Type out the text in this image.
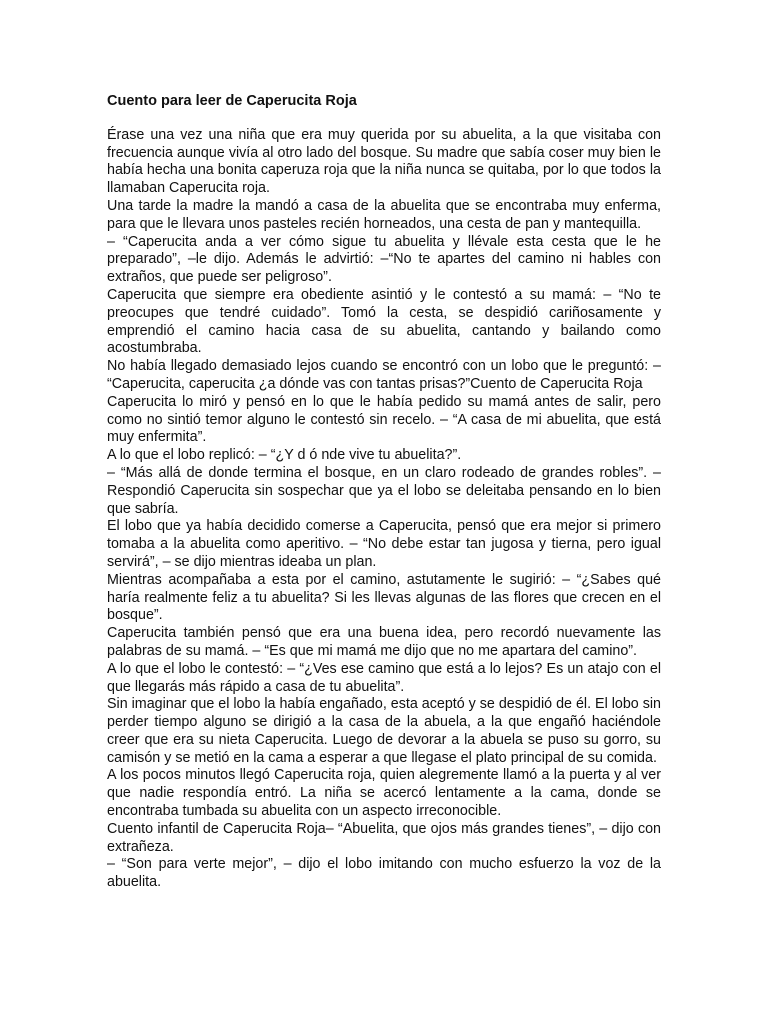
Cuento para leer de Caperucita Roja

Érase una vez una niña que era muy querida por su abuelita, a la que visitaba con frecuencia aunque vivía al otro lado del bosque. Su madre que sabía coser muy bien le había hecha una bonita caperuza roja que la niña nunca se quitaba, por lo que todos la llamaban Caperucita roja.

Una tarde la madre la mandó a casa de la abuelita que se encontraba muy enferma, para que le llevara unos pasteles recién horneados, una cesta de pan y mantequilla.

– “Caperucita anda a ver cómo sigue tu abuelita y llévale esta cesta que le he preparado”, –le dijo. Además le advirtió: –“No te apartes del camino ni hables con extraños, que puede ser peligroso”.

Caperucita que siempre era obediente asintió y le contestó a su mamá: – “No te preocupes que tendré cuidado”. Tomó la cesta, se despidió cariñosamente y emprendió el camino hacia casa de su abuelita, cantando y bailando como acostumbraba.

No había llegado demasiado lejos cuando se encontró con un lobo que le preguntó: – “Caperucita, caperucita ¿a dónde vas con tantas prisas?”Cuento de Caperucita Roja

Caperucita lo miró y pensó en lo que le había pedido su mamá antes de salir, pero como no sintió temor alguno le contestó sin recelo. – “A casa de mi abuelita, que está muy enfermita”.

A lo que el lobo replicó: – “¿Y d ó nde vive tu abuelita?”.

– “Más allá de donde termina el bosque, en un claro rodeado de grandes robles”. – Respondió Caperucita sin sospechar que ya el lobo se deleitaba pensando en lo bien que sabría.

El lobo que ya había decidido comerse a Caperucita, pensó que era mejor si primero tomaba a la abuelita como aperitivo. – “No debe estar tan jugosa y tierna, pero igual servirá”, – se dijo mientras ideaba un plan.

Mientras acompañaba a esta por el camino, astutamente le sugirió: – “¿Sabes qué haría realmente feliz a tu abuelita? Si les llevas algunas de las flores que crecen en el bosque”.

Caperucita también pensó que era una buena idea, pero recordó nuevamente las palabras de su mamá. – “Es que mi mamá me dijo que no me apartara del camino”.

A lo que el lobo le contestó: – “¿Ves ese camino que está a lo lejos? Es un atajo con el que llegarás más rápido a casa de tu abuelita”.

Sin imaginar que el lobo la había engañado, esta aceptó y se despidió de él. El lobo sin perder tiempo alguno se dirigió a la casa de la abuela, a la que engañó haciéndole creer que era su nieta Caperucita. Luego de devorar a la abuela se puso su gorro, su camisón y se metió en la cama a esperar a que llegase el plato principal de su comida.

A los pocos minutos llegó Caperucita roja, quien alegremente llamó a la puerta y al ver que nadie respondía entró. La niña se acercó lentamente a la cama, donde se encontraba tumbada su abuelita con un aspecto irreconocible.

Cuento infantil de Caperucita Roja– “Abuelita, que ojos más grandes tienes”, – dijo con extrañeza.

– “Son para verte mejor”, – dijo el lobo imitando con mucho esfuerzo la voz de la abuelita.
